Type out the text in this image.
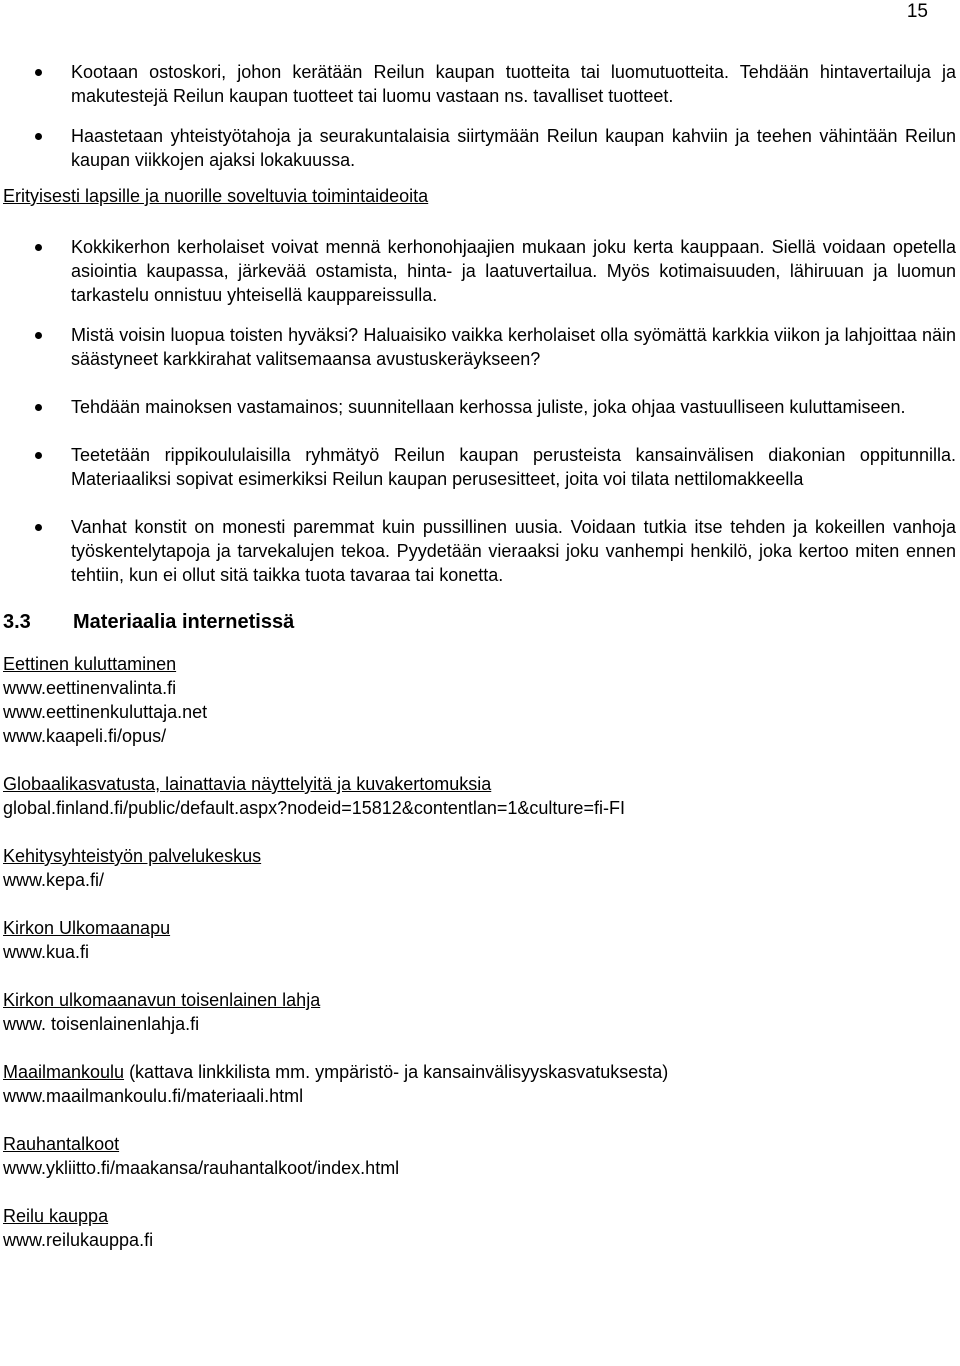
15
Kootaan ostoskori, johon kerätään Reilun kaupan tuotteita tai luomutuotteita. Tehdään hintavertailuja ja makutestejä Reilun kaupan tuotteet tai luomu vastaan ns. tavalliset tuotteet.
Haastetaan yhteistyötahoja ja seurakuntalaisia siirtymään Reilun kaupan kahviin ja teehen vähintään Reilun kaupan viikkojen ajaksi lokakuussa.
Erityisesti lapsille ja nuorille soveltuvia toimintaideoita
Kokkikerhon kerholaiset voivat mennä kerhonohjaajien mukaan joku kerta kauppaan. Siellä voidaan opetella asiointia kaupassa, järkevää ostamista, hinta- ja laatuvertailua. Myös kotimaisuuden, lähiruuan ja luomun tarkastelu onnistuu yhteisellä kauppareissulla.
Mistä voisin luopua toisten hyväksi? Haluaisiko vaikka kerholaiset olla syömättä karkkia viikon ja lahjoittaa näin säästyneet karkkirahat valitsemaansa avustuskeräykseen?
Tehdään mainoksen vastamainos; suunnitellaan kerhossa juliste, joka ohjaa vastuulliseen kuluttamiseen.
Teetetään rippikoululaisilla ryhmätyö Reilun kaupan perusteista kansainvälisen diakonian oppitunnilla. Materiaaliksi sopivat esimerkiksi Reilun kaupan perusesitteet, joita voi tilata nettilomakkeella
Vanhat konstit on monesti paremmat kuin pussillinen uusia. Voidaan tutkia itse tehden ja kokeillen vanhoja työskentelytapoja ja tarvekalujen tekoa. Pyydetään vieraaksi joku vanhempi henkilö, joka kertoo miten ennen tehtiin, kun ei ollut sitä taikka tuota tavaraa tai konetta.
3.3 Materiaalia internetissä
Eettinen kuluttaminen
www.eettinenvalinta.fi
www.eettinenkuluttaja.net
www.kaapeli.fi/opus/
Globaalikasvatusta, lainattavia näyttelyitä ja kuvakertomuksia
global.finland.fi/public/default.aspx?nodeid=15812&contentlan=1&culture=fi-FI
Kehitysyhteistyön palvelukeskus
www.kepa.fi/
Kirkon Ulkomaanapu
www.kua.fi
Kirkon ulkomaanavun toisenlainen lahja
www. toisenlainenlahja.fi
Maailmankoulu (kattava linkkilista mm. ympäristö- ja kansainvälisyyskasvatuksesta)
www.maailmankoulu.fi/materiaali.html
Rauhantalkoot
www.ykliitto.fi/maakansa/rauhantalkoot/index.html
Reilu kauppa
www.reilukauppa.fi
